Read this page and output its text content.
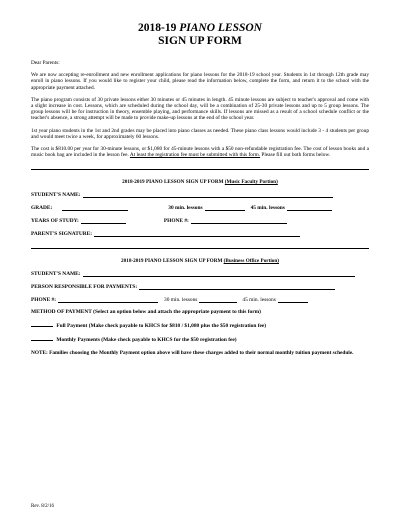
2018-19 PIANO LESSON
SIGN UP FORM

Dear Parents:

We are now accepting re-enrollment and new enrollment applications for piano lessons for the 2018-19 school year. Students in 1st through 12th grade may enroll in piano lessons. If you would like to register your child, please read the information below, complete the form, and return it to the school with the appropriate payment attached.

The piano program consists of 30 private lessons either 30 minutes or 45 minutes in length. 45 minute lessons are subject to teacher's approval and come with a slight increase in cost. Lessons, which are scheduled during the school day, will be a combination of 25-30 private lessons and up to 5 group lessons. The group lessons will be for instruction in theory, ensemble playing, and performance skills. If lessons are missed as a result of a school schedule conflict or the teacher's absence, a strong attempt will be made to provide make-up lessons at the end of the school year.

1st year piano students in the 1st and 2nd grades may be placed into piano classes as needed. These piano class lessons would include 3 - 4 students per group and would meet twice a week, for approximately 60 lessons.

The cost is $810.00 per year for 30-minute lessons, or $1,080 for 45-minute lessons with a $50 non-refundable registration fee. The cost of lesson books and a music book bag are included in the lesson fee. At least the registration fee must be submitted with this form. Please fill out both forms below.

2018-2019 PIANO LESSON SIGN UP FORM (Music Faculty Portion)
STUDENT'S NAME:
GRADE:	30 min. lessons	45 min. lessons
YEARS OF STUDY:	PHONE #:
PARENT'S SIGNATURE:
2018-2019 PIANO LESSON SIGN UP FORM (Business Office Portion)
STUDENT'S NAME:
PERSON RESPONSIBLE FOR PAYMENTS:
PHONE #:	30 min. lessons	45 min. lessons
METHOD OF PAYMENT (Select an option below and attach the appropriate payment to this form)
Full Payment (Make check payable to KHCS for $810 / $1,080 plus the $50 registration fee)
Monthly Payments (Make check payable to KHCS for the $50 registration fee)

NOTE: Families choosing the Monthly Payment option above will have these charges added to their normal monthly tuition payment schedule.

Rev. 8/2/16
